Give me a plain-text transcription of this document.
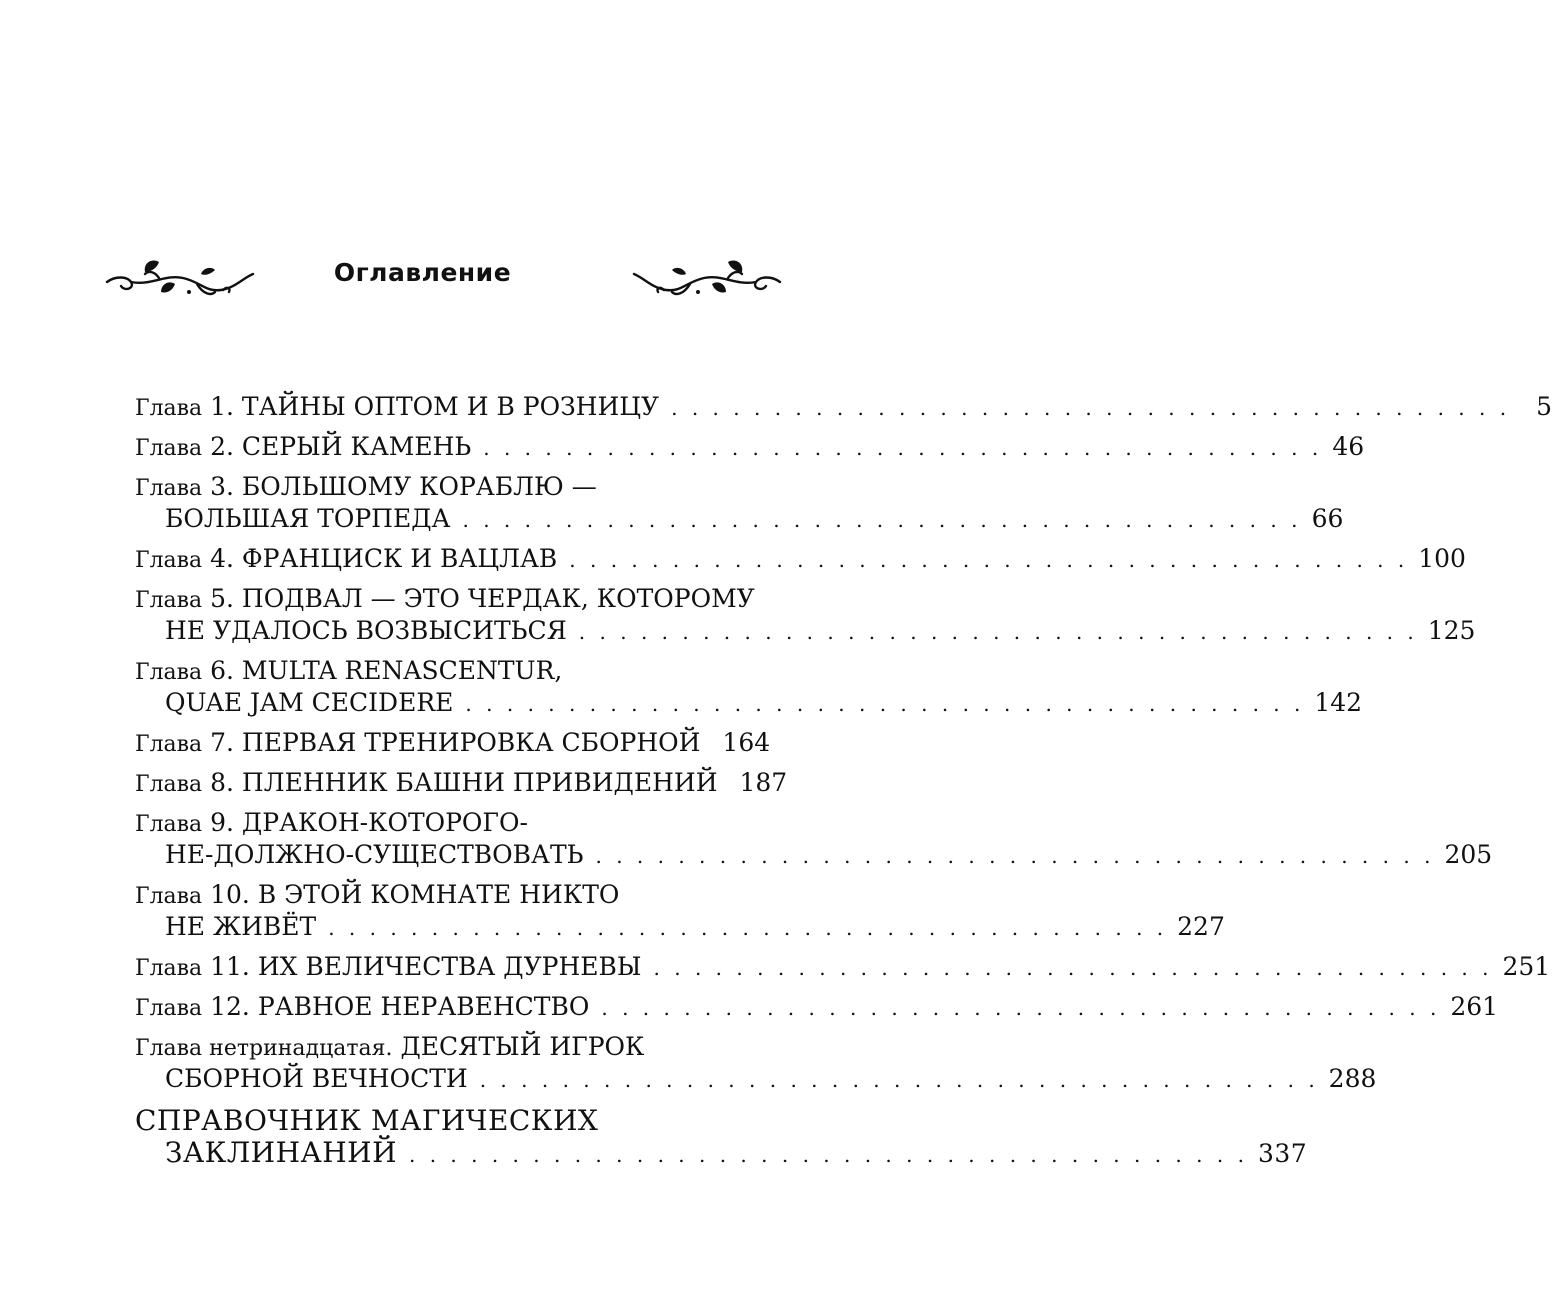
Оглавление
Глава
1. ТАЙНЫ ОПТОМ И В РОЗНИЦУ . . . . . . . . . . . . . . . . . . . . . . . . . . . . . . . . . . . . . . . . .	5
Глава
2. СЕРЫЙ КАМЕНЬ . . . . . . . . . . . . . . . . . . . . . . . . . . . . . . . . . . . . . . . . . 46
Глава
3. БОЛЬШОМУ КОРАБЛЮ —
БОЛЬШАЯ ТОРПЕДА . . . . . . . . . . . . . . . . . . . . . . . . . . . . . . . . . . . . . . . . . 66
Глава
4. ФРАНЦИСК И ВАЦЛАВ . . . . . . . . . . . . . . . . . . . . . . . . . . . . . . . . . . . . . . . . . 100
Глава
5. ПОДВАЛ — ЭТО ЧЕРДАК, КОТОРОМУ
НЕ УДАЛОСЬ ВОЗВЫСИТЬСЯ . . . . . . . . . . . . . . . . . . . . . . . . . . . . . . . . . . . . . . . . . 125
Глава
6. MULTA RENASCENTUR,
QUAE JAM CECIDERE . . . . . . . . . . . . . . . . . . . . . . . . . . . . . . . . . . . . . . . . . 142
Глава
7. ПЕРВАЯ ТРЕНИРОВКА СБОРНОЙ 164
Глава
8. ПЛЕННИК БАШНИ ПРИВИДЕНИЙ 187
Глава
9. ДРАКОН-КОТОРОГО-
НЕ-ДОЛЖНО-СУЩЕСТВОВАТЬ . . . . . . . . . . . . . . . . . . . . . . . . . . . . . . . . . . . . . . . . . 205
Глава
10. В ЭТОЙ КОМНАТЕ НИКТО
НЕ ЖИВЁТ . . . . . . . . . . . . . . . . . . . . . . . . . . . . . . . . . . . . . . . . . 227
Глава
11. ИХ ВЕЛИЧЕСТВА ДУРНЕВЫ . . . . . . . . . . . . . . . . . . . . . . . . . . . . . . . . . . . . . . . . . 251
Глава
12. РАВНОЕ НЕРАВЕНСТВО . . . . . . . . . . . . . . . . . . . . . . . . . . . . . . . . . . . . . . . . . 261
Глава нетринадцатая.
ДЕСЯТЫЙ ИГРОК
СБОРНОЙ ВЕЧНОСТИ . . . . . . . . . . . . . . . . . . . . . . . . . . . . . . . . . . . . . . . . . 288
СПРАВОЧНИК МАГИЧЕСКИХ
ЗАКЛИНАНИЙ . . . . . . . . . . . . . . . . . . . . . . . . . . . . . . . . . . . . . . . . . 337
